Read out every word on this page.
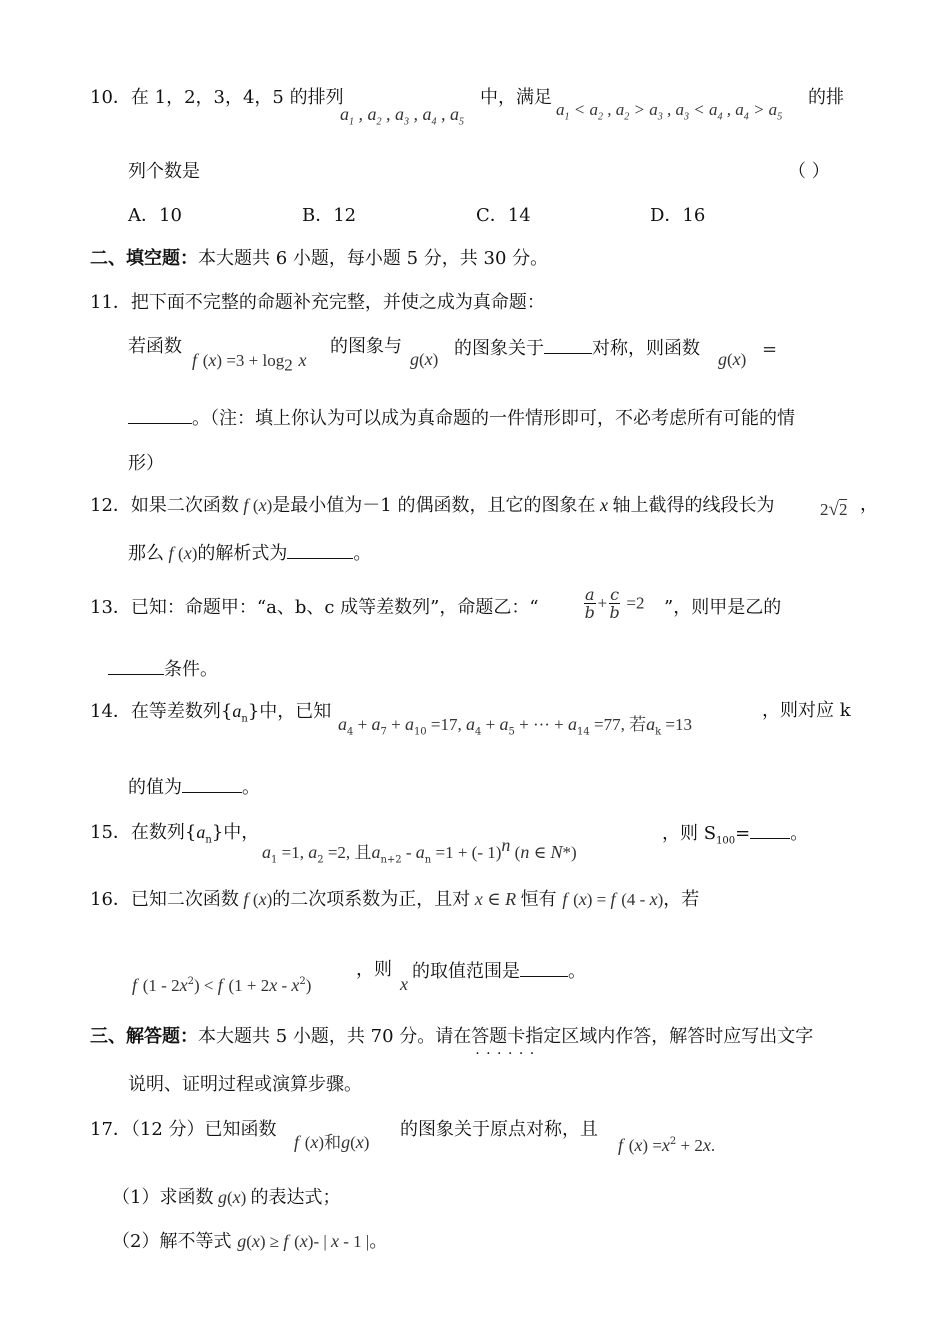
10．在 1，2，3，4，5 的排列
$a_1$ , $a_2$ , $a_3$ , $a_4$ , $a_5$
中，满足
$a_1 < a_2$ , $a_2 > a_3$ , $a_3 < a_4$ , $a_4 > a_5$
的排
列个数是	（ ）
A．10	B．12	C．14	D．16
二、填空题：本大题共 6 小题，每小题 5 分，共 30 分。
11．把下面不完整的命题补充完整，并使之成为真命题：
若函数
f $(x) =3 + \log_2 x$
的图象与
g(x)
的图象关于	对称，则函数 g(x) =
。（注：填上你认为可以成为真命题的一件情形即可，不必考虑所有可能的情
形）
12．如果二次函数 f (x)是最小值为－1 的偶函数，且它的图象在 x 轴上截得的线段长为	2√2 ，
那么 f (x)的解析式为	。
13．已知：命题甲：“a、b、c 成等差数列”，命题乙：“	$\frac{a}{b} + \frac{c}{b} =2$ ”，则甲是乙的
条件。
14．在等差数列$\{a_n\}$中，已知
$a_4 + a_7 + a_{10} =17$, $a_4 + a_5$ + ··· + $a_{14} =77$, 若$a_k =13$
，则对应 k
的值为	。
15．在数列$\{a_n\}$中，
$a_1 =1$, $a_2 =2$, 且$a_{n+2} - a_n =1$ + (- 1)$^n$ (n ∈ N*)
，则 $S_{100}=$ 。
16．已知二次函数 f (x)的二次项系数为正，且对 x ∈ R 恒有 f (x) = f (4 - x)，若
f $(1 - 2x^2) < f$ $(1 + 2x - x^2)$
，则
x
的取值范围是	。
三、解答题：本大题共 5 小题，共 70 分。请在答题卡指定区域 · ·内作答，解答时应写出文字
说明、证明过程或演算步骤。
17．（12 分）已知函数
f (x)和g(x)
的图象关于原点对称，且
f $(x) =x^2 + 2x$.
（1）求函数 g(x) 的表达式；
（2）解不等式 g(x) ≥ f (x)- | x - 1 |。
